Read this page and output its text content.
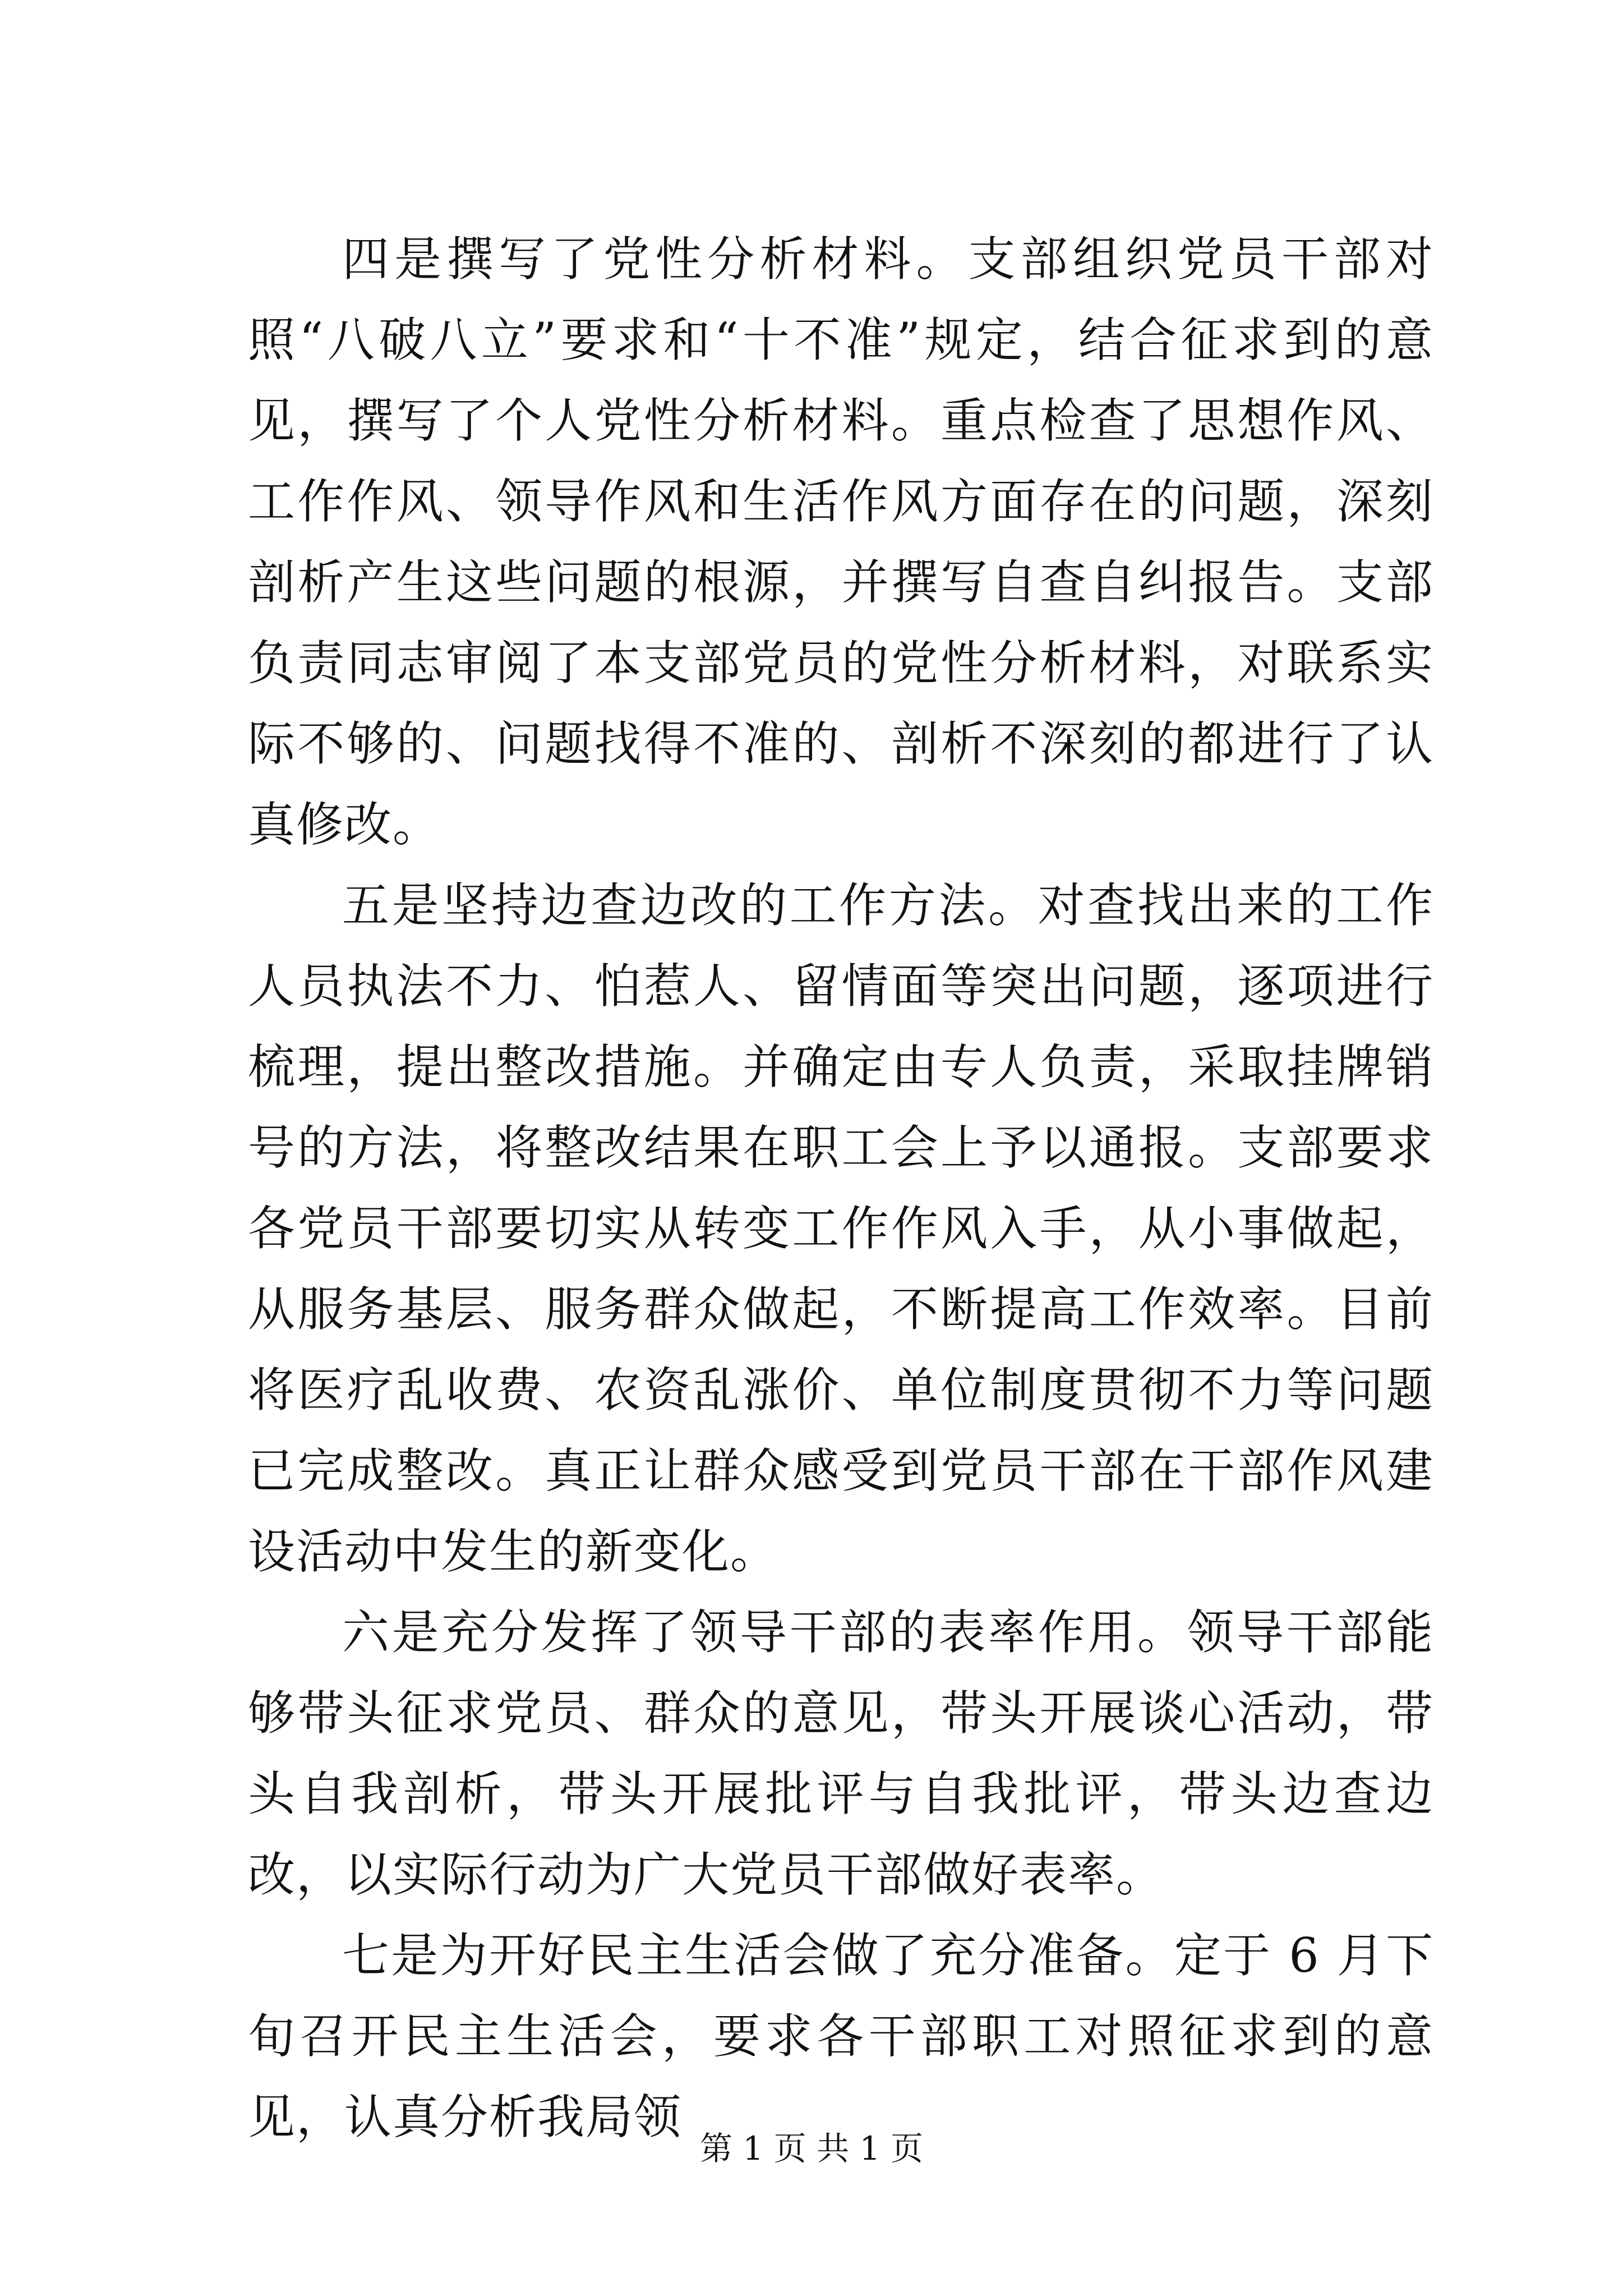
四是撰写了党性分析材料。支部组织党员干部对照“八破八立”要求和“十不准”规定，结合征求到的意见，撰写了个人党性分析材料。重点检查了思想作风、工作作风、领导作风和生活作风方面存在的问题，深刻剖析产生这些问题的根源，并撰写自查自纠报告。支部负责同志审阅了本支部党员的党性分析材料，对联系实际不够的、问题找得不准的、剖析不深刻的都进行了认真修改。

五是坚持边查边改的工作方法。对查找出来的工作人员执法不力、怕惹人、留情面等突出问题，逐项进行梳理，提出整改措施。并确定由专人负责，采取挂牌销号的方法，将整改结果在职工会上予以通报。支部要求各党员干部要切实从转变工作作风入手，从小事做起，从服务基层、服务群众做起，不断提高工作效率。目前将医疗乱收费、农资乱涨价、单位制度贯彻不力等问题已完成整改。真正让群众感受到党员干部在干部作风建设活动中发生的新变化。

六是充分发挥了领导干部的表率作用。领导干部能够带头征求党员、群众的意见，带头开展谈心活动，带头自我剖析，带头开展批评与自我批评，带头边查边改，以实际行动为广大党员干部做好表率。

七是为开好民主生活会做了充分准备。定于 6 月下旬召开民主生活会，要求各干部职工对照征求到的意见，认真分析我局领

第 1 页 共 1 页
